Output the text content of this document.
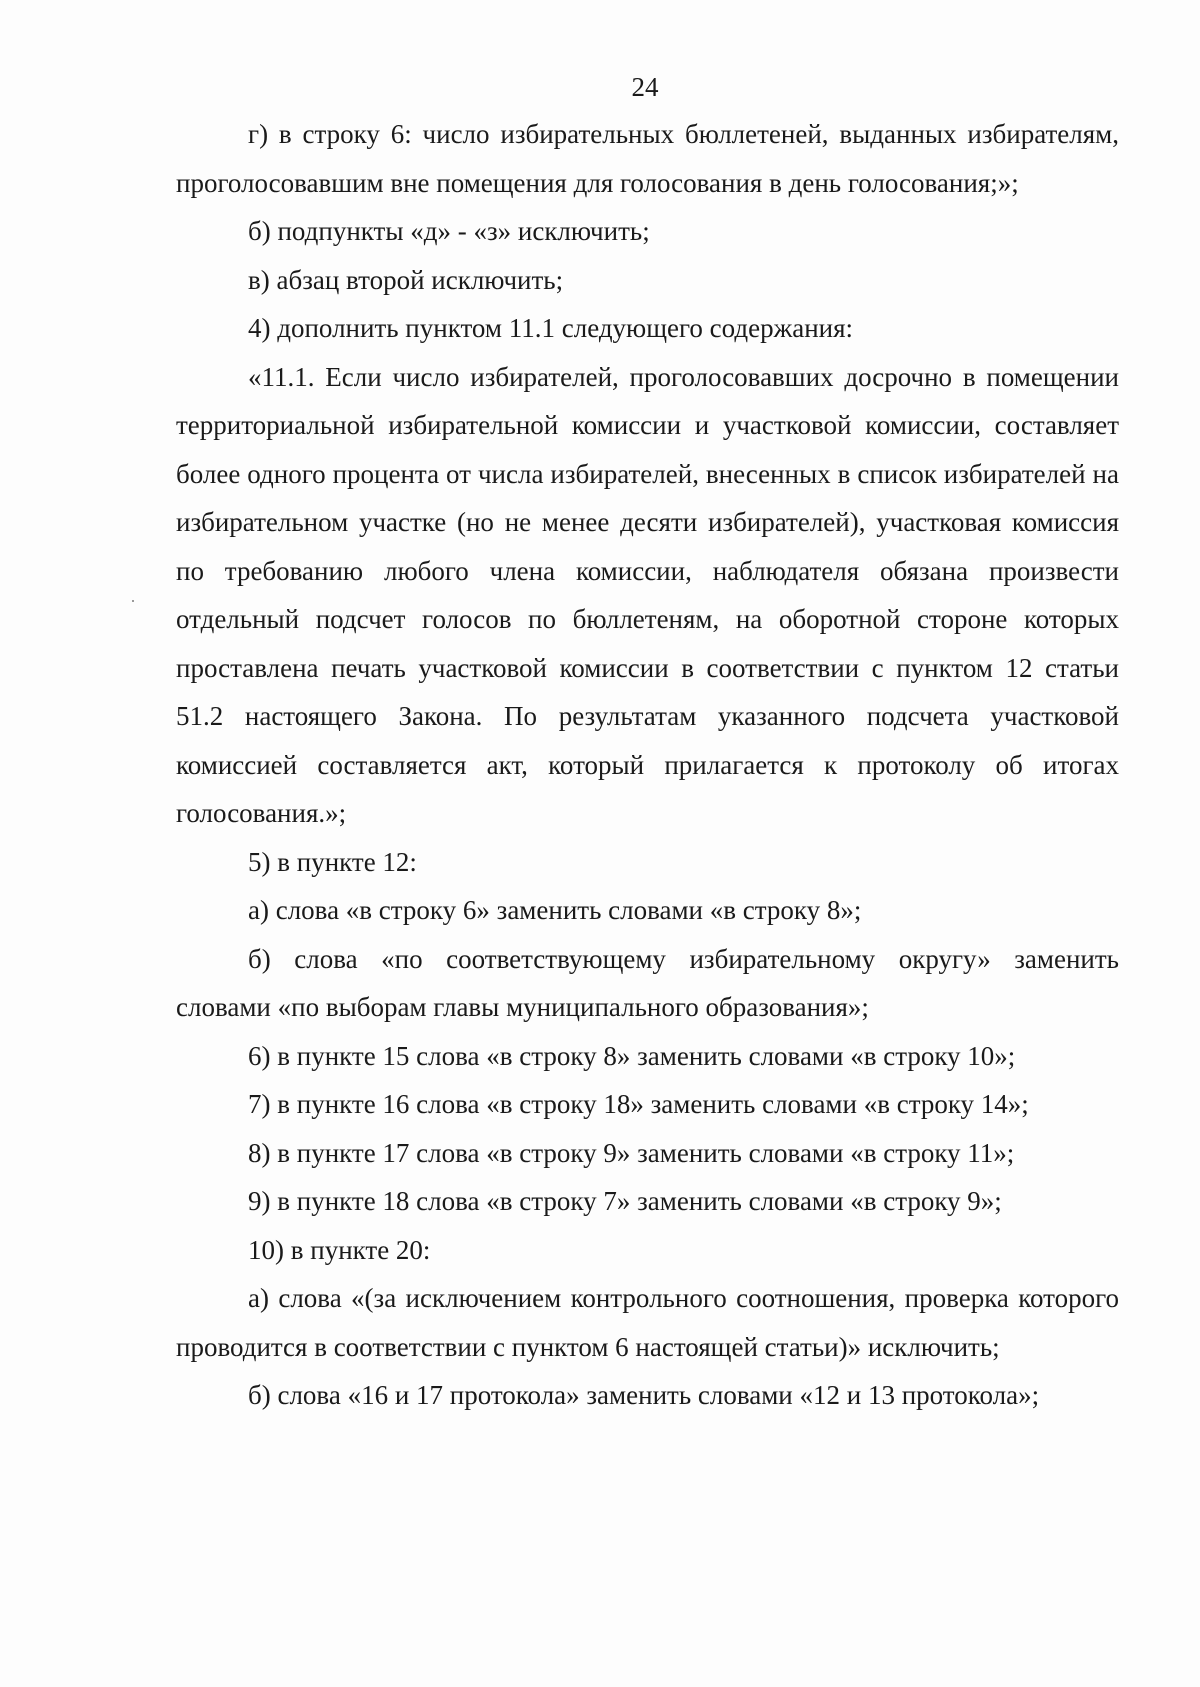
24

г) в строку 6: число избирательных бюллетеней, выданных избирателям, проголосовавшим вне помещения для голосования в день голосования;»;

б) подпункты «д» - «з» исключить;

в) абзац второй исключить;

4) дополнить пунктом 11.1 следующего содержания:

«11.1. Если число избирателей, проголосовавших досрочно в помещении территориальной избирательной комиссии и участковой комиссии, составляет более одного процента от числа избирателей, внесенных в список избирателей на избирательном участке (но не менее десяти избирателей), участковая комиссия по требованию любого члена комиссии, наблюдателя обязана произвести отдельный подсчет голосов по бюллетеням, на оборотной стороне которых проставлена печать участковой комиссии в соответствии с пунктом 12 статьи 51.2 настоящего Закона. По результатам указанного подсчета участковой комиссией составляется акт, который прилагается к протоколу об итогах голосования.»;

5) в пункте 12:

а) слова «в строку 6» заменить словами «в строку 8»;

б) слова «по соответствующему избирательному округу» заменить словами «по выборам главы муниципального образования»;

6) в пункте 15 слова «в строку 8» заменить словами «в строку 10»;

7) в пункте 16 слова «в строку 18» заменить словами «в строку 14»;

8) в пункте 17 слова «в строку 9» заменить словами «в строку 11»;

9) в пункте 18 слова «в строку 7» заменить словами «в строку 9»;

10) в пункте 20:

а) слова «(за исключением контрольного соотношения, проверка которого проводится в соответствии с пунктом 6 настоящей статьи)» исключить;

б) слова «16 и 17 протокола» заменить словами «12 и 13 протокола»;
